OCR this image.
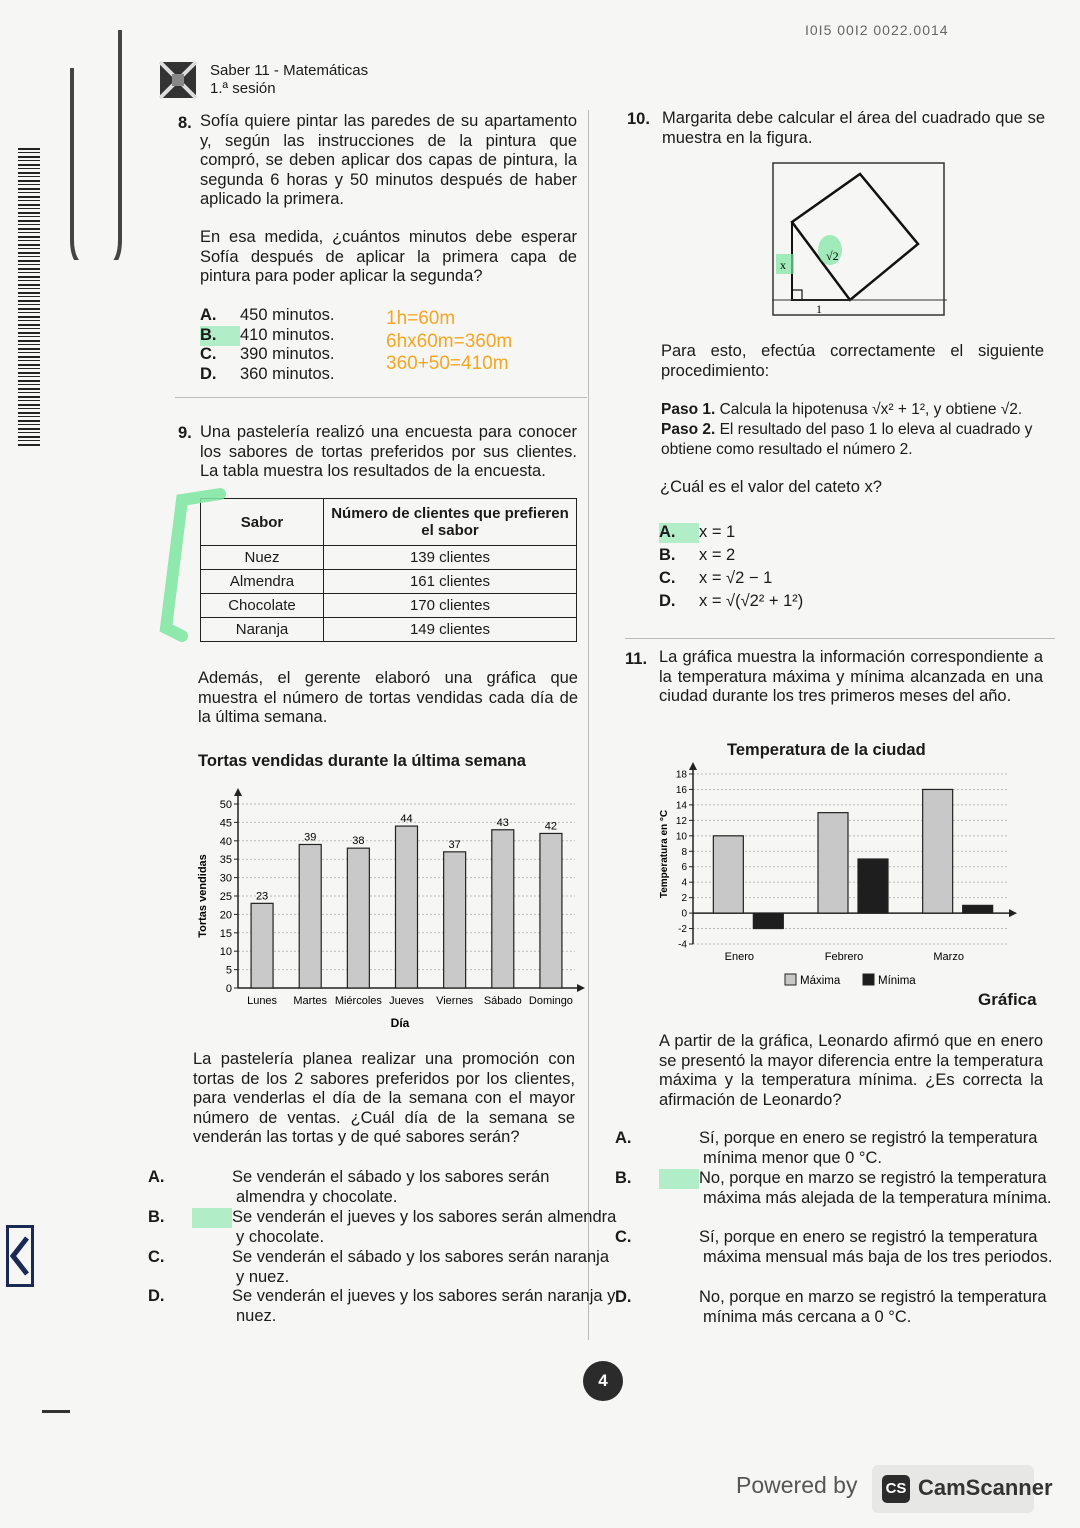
I0I5 00I2 0022.0014
Saber 11 - Matemáticas
1.ª sesión
8. Sofía quiere pintar las paredes de su apartamento y, según las instrucciones de la pintura que compró, se deben aplicar dos capas de pintura, la segunda 6 horas y 50 minutos después de haber aplicado la primera.
En esa medida, ¿cuántos minutos debe esperar Sofía después de aplicar la primera capa de pintura para poder aplicar la segunda?
A. 450 minutos.
B. 410 minutos.
C. 390 minutos.
D. 360 minutos.
1h=60m
6hx60m=360m
360+50=410m
9. Una pastelería realizó una encuesta para conocer los sabores de tortas preferidos por sus clientes. La tabla muestra los resultados de la encuesta.
Sabor	Número de clientes que prefieren el sabor
Nuez	139 clientes
Almendra	161 clientes
Chocolate	170 clientes
Naranja	149 clientes
Además, el gerente elaboró una gráfica que muestra el número de tortas vendidas cada día de la última semana.
Tortas vendidas durante la última semana
0
5
10
15
20
25
30
35
40
45
50
23
Lunes
39
Martes
38
Miércoles
44
Jueves
37
Viernes
43
Sábado
42
Domingo
Día
Tortas vendidas
La pastelería planea realizar una promoción con tortas de los 2 sabores preferidos por los clientes, para venderlas el día de la semana con el mayor número de ventas. ¿Cuál día de la semana se venderán las tortas y de qué sabores serán?
A.	Se venderán el sábado y los sabores serán almendra y chocolate.
B.	Se venderán el jueves y los sabores serán almendra y chocolate.
C.	Se venderán el sábado y los sabores serán naranja y nuez.
D.	Se venderán el jueves y los sabores serán naranja y nuez.
10. Margarita debe calcular el área del cuadrado que se muestra en la figura.
x
√2
1
Para esto, efectúa correctamente el siguiente procedimiento:
Paso 1. Calcula la hipotenusa √x² + 1², y obtiene √2.
Paso 2. El resultado del paso 1 lo eleva al cuadrado y obtiene como resultado el número 2.
¿Cuál es el valor del cateto x?
A. x = 1
B. x = 2
C. x = √2 − 1
D. x = √(√2² + 1²)
11. La gráfica muestra la información correspondiente a la temperatura máxima y mínima alcanzada en una ciudad durante los tres primeros meses del año.
Temperatura de la ciudad
-4
-2
0
2
4
6
8
10
12
14
16
18
Enero	Febrero	Marzo
Temperatura en °C
Máxima	Mínima
Gráfica
A partir de la gráfica, Leonardo afirmó que en enero se presentó la mayor diferencia entre la temperatura máxima y la temperatura mínima. ¿Es correcta la afirmación de Leonardo?
A.	Sí, porque en enero se registró la temperatura mínima menor que 0 °C.
B.	No, porque en marzo se registró la temperatura máxima más alejada de la temperatura mínima.
C.	Sí, porque en enero se registró la temperatura máxima mensual más baja de los tres periodos.
D.	No, porque en marzo se registró la temperatura mínima más cercana a 0 °C.
4
Powered by CS CamScanner
